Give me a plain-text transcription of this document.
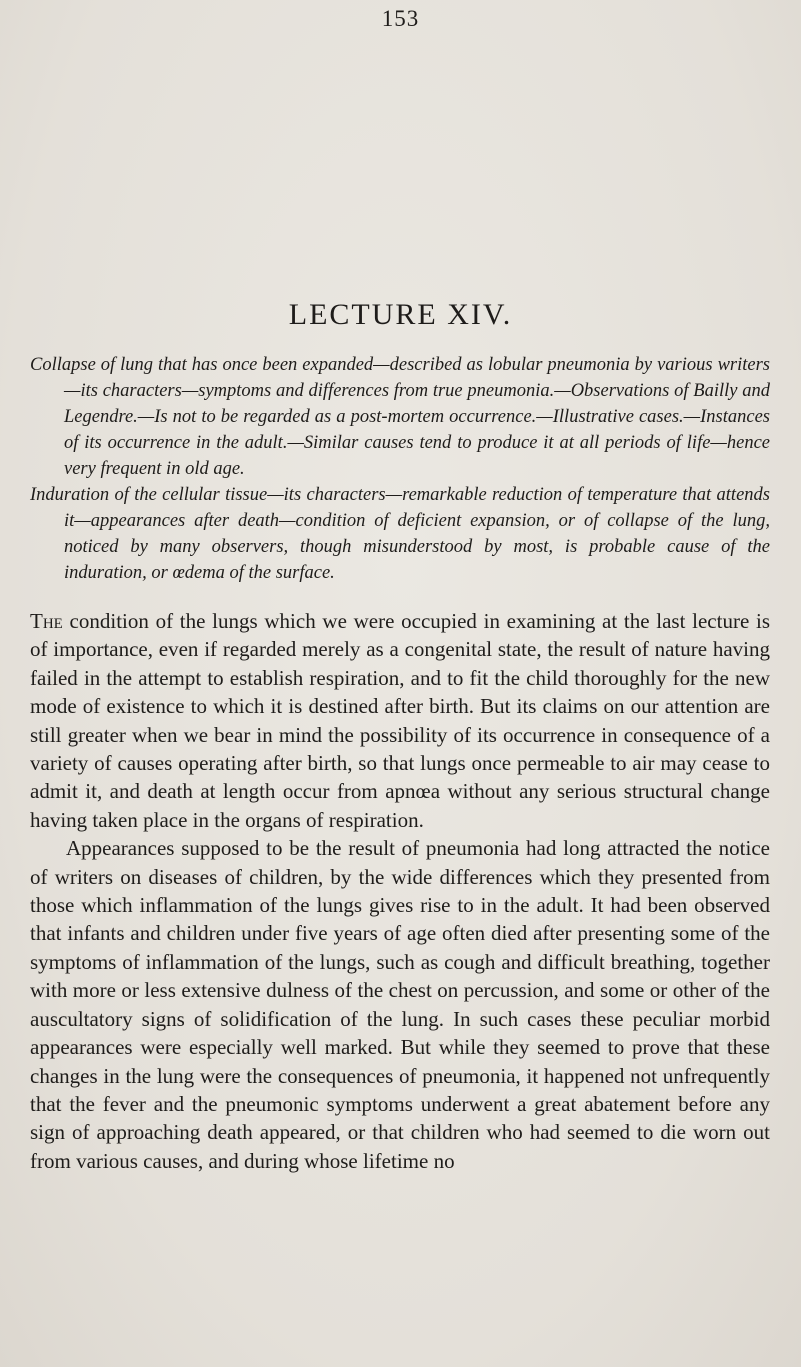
153
LECTURE XIV.

Collapse of lung that has once been expanded—described as lobular pneumonia by various writers—its characters—symptoms and differences from true pneumonia.—Observations of Bailly and Legendre.—Is not to be regarded as a post-mortem occurrence.—Illustrative cases.—Instances of its occurrence in the adult.—Similar causes tend to produce it at all periods of life—hence very frequent in old age.

Induration of the cellular tissue—its characters—remarkable reduction of temperature that attends it—appearances after death—condition of deficient expansion, or of collapse of the lung, noticed by many observers, though misunderstood by most, is probable cause of the induration, or œdema of the surface.

The condition of the lungs which we were occupied in examining at the last lecture is of importance, even if regarded merely as a congenital state, the result of nature having failed in the attempt to establish respiration, and to fit the child thoroughly for the new mode of existence to which it is destined after birth. But its claims on our attention are still greater when we bear in mind the possibility of its occurrence in consequence of a variety of causes operating after birth, so that lungs once permeable to air may cease to admit it, and death at length occur from apnœa without any serious structural change having taken place in the organs of respiration.

Appearances supposed to be the result of pneumonia had long attracted the notice of writers on diseases of children, by the wide differences which they presented from those which inflammation of the lungs gives rise to in the adult. It had been observed that infants and children under five years of age often died after presenting some of the symptoms of inflammation of the lungs, such as cough and difficult breathing, together with more or less extensive dulness of the chest on percussion, and some or other of the auscultatory signs of solidification of the lung. In such cases these peculiar morbid appearances were especially well marked. But while they seemed to prove that these changes in the lung were the consequences of pneumonia, it happened not unfrequently that the fever and the pneumonic symptoms underwent a great abatement before any sign of approaching death appeared, or that children who had seemed to die worn out from various causes, and during whose lifetime no
